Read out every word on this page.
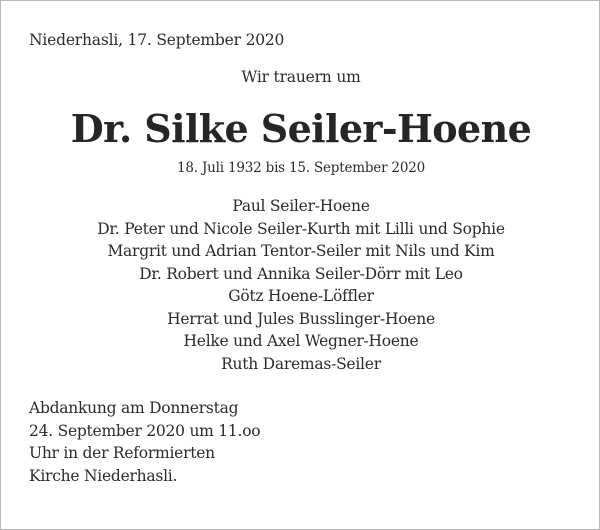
Niederhasli, 17. September 2020
Wir trauern um
Dr. Silke Seiler-Hoene
18. Juli 1932 bis 15. September 2020
Paul Seiler-Hoene
Dr. Peter und Nicole Seiler-Kurth mit Lilli und Sophie
Margrit und Adrian Tentor-Seiler mit Nils und Kim
Dr. Robert und Annika Seiler-Dörr mit Leo
Götz Hoene-Löffler
Herrat und Jules Busslinger-Hoene
Helke und Axel Wegner-Hoene
Ruth Daremas-Seiler
Abdankung am Donnerstag
24. September 2020 um 11.oo
Uhr in der Reformierten
Kirche Niederhasli.
